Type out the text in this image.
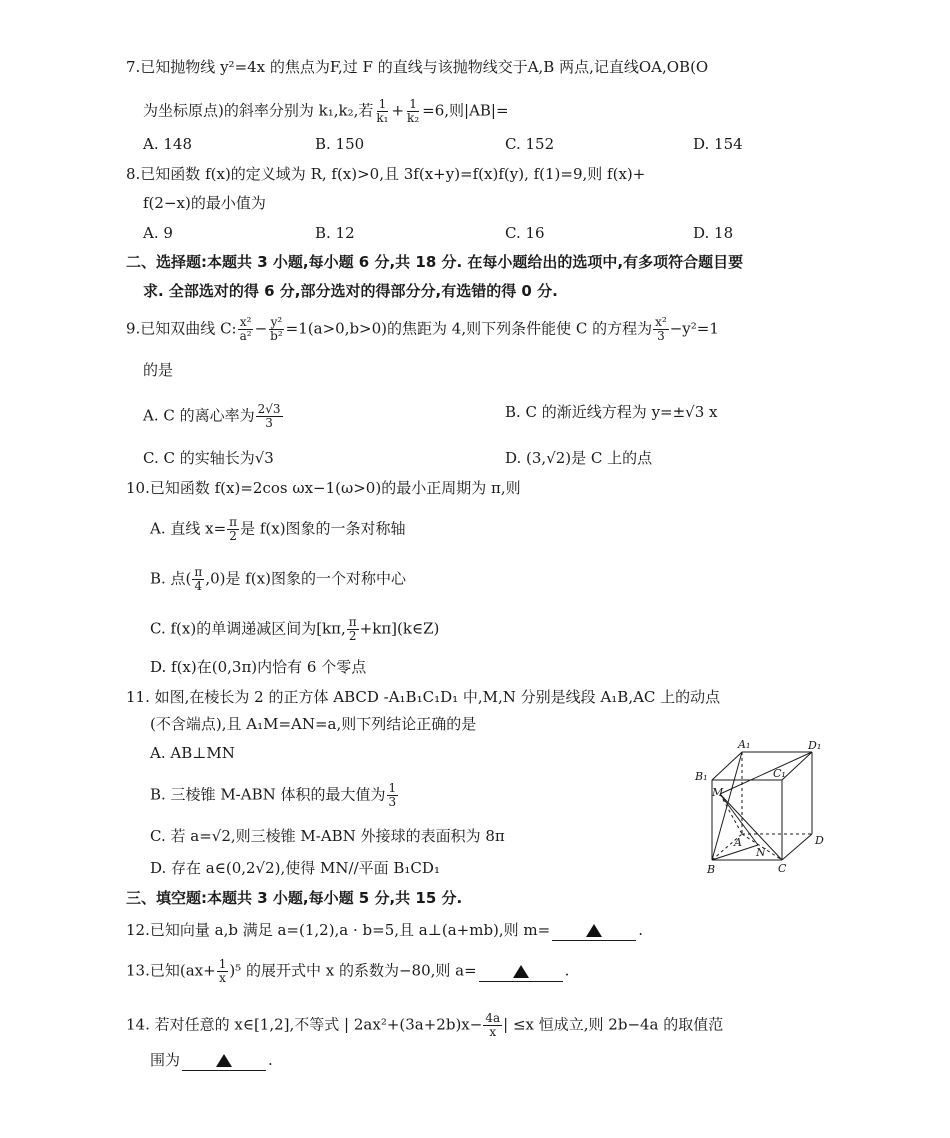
7.已知抛物线 y²=4x 的焦点为F,过 F 的直线与该抛物线交于A,B 两点,记直线OA,OB(O
为坐标原点)的斜率分别为 k₁,k₂,若 $\frac{1}{\text{k₁}} + \frac{1}{\text{k₂}} =6$,则|AB|=
A. 148	B. 150	C. 152	D. 154
8.已知函数 f(x)的定义域为 R, f(x)>0,且 3f(x+y)=f(x)f(y), f(1)=9,则 f(x)+
f(2−x)的最小值为
A. 9	B. 12	C. 16	D. 18
二、选择题:本题共 3 小题,每小题 6 分,共 18 分. 在每小题给出的选项中,有多项符合题目要
求. 全部选对的得 6 分,部分选对的得部分分,有选错的得 0 分.
9.已知双曲线 C: $\frac{\text{x²}}{\text{a²}} - \frac{\text{y²}}{\text{b²}} =1(a>0,b>0)$的焦距为 4,则下列条件能使 C 的方程为 $\frac{\text{x²}}{3} -y^2=1$
的是
A. C 的离心率为 $\frac{2√3}{3}$	B. C 的渐近线方程为 y=±√3 x
C. C 的实轴长为√3	D. (3,√2)是 C 上的点
10.已知函数 f(x)=2cos ωx−1(ω>0)的最小正周期为 π,则
A. 直线 $x= \frac{\pi}{2}$ 是 f(x)图象的一条对称轴
B. 点( $\frac{\pi}{4} ,0$)是 f(x)图象的一个对称中心
C. f(x)的单调递减区间为[kπ, $\frac{\pi}{2}$ +kπ](k∈Z)
D. f(x)在(0,3π)内恰有 6 个零点
11. 如图,在棱长为 2 的正方体 ABCD -A₁B₁C₁D₁ 中,M,N 分别是线段 A₁B,AC 上的动点
(不含端点),且 A₁M=AN=a,则下列结论正确的是
A. AB⊥MN
B. 三棱锥 M-ABN 体积的最大值为 $\frac{1}{3}$
C. 若 a=√2,则三棱锥 M-ABN 外接球的表面积为 8π
D. 存在 a∈(0,2√2),使得 MN//平面 B₁CD₁
A₁	D₁
B₁	C₁
M
A
N
B	C
D
三、填空题:本题共 3 小题,每小题 5 分,共 15 分.
12.已知向量 a,b 满足 a=(1,2),a · b=5,且 a⊥(a+mb),则 m=	.
13.已知$(ax+ \frac{1}{x} )^5$ 的展开式中 x 的系数为−80,则 a=	.
14. 若对任意的 x∈[1,2],不等式 | $2ax^2+(3a+2b)x- \frac{4a}{x}$ | ≤x 恒成立,则 2b−4a 的取值范
围为	.
